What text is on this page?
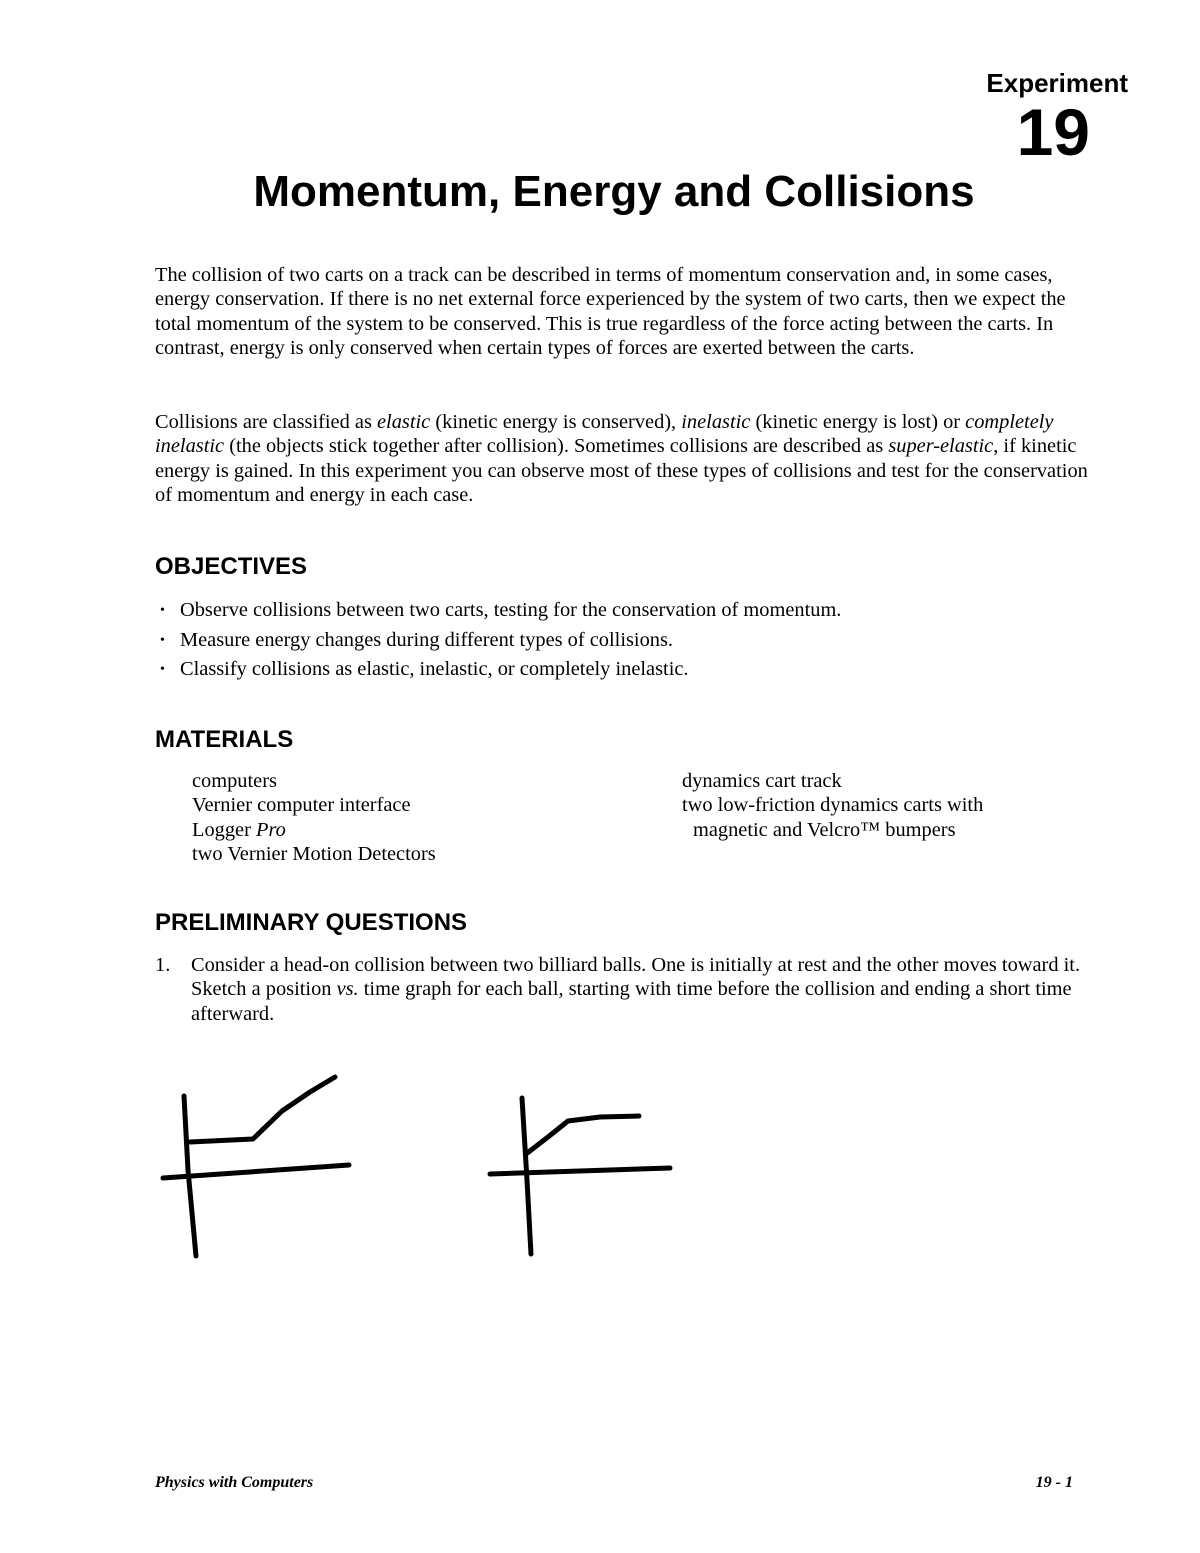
Experiment
19
Momentum, Energy and Collisions

The collision of two carts on a track can be described in terms of momentum conservation and, in some cases, energy conservation. If there is no net external force experienced by the system of two carts, then we expect the total momentum of the system to be conserved. This is true regardless of the force acting between the carts. In contrast, energy is only conserved when certain types of forces are exerted between the carts.

Collisions are classified as elastic (kinetic energy is conserved), inelastic (kinetic energy is lost) or completely inelastic (the objects stick together after collision). Sometimes collisions are described as super-elastic, if kinetic energy is gained. In this experiment you can observe most of these types of collisions and test for the conservation of momentum and energy in each case.

OBJECTIVES
• Observe collisions between two carts, testing for the conservation of momentum.
• Measure energy changes during different types of collisions.
• Classify collisions as elastic, inelastic, or completely inelastic.
MATERIALS
computers
Vernier computer interface
Logger Pro
two Vernier Motion Detectors
dynamics cart track
two low-friction dynamics carts with
magnetic and Velcro™ bumpers
PRELIMINARY QUESTIONS
1. Consider a head-on collision between two billiard balls. One is initially at rest and the other moves toward it. Sketch a position vs. time graph for each ball, starting with time before the collision and ending a short time afterward.
Physics with Computers	19 - 1
